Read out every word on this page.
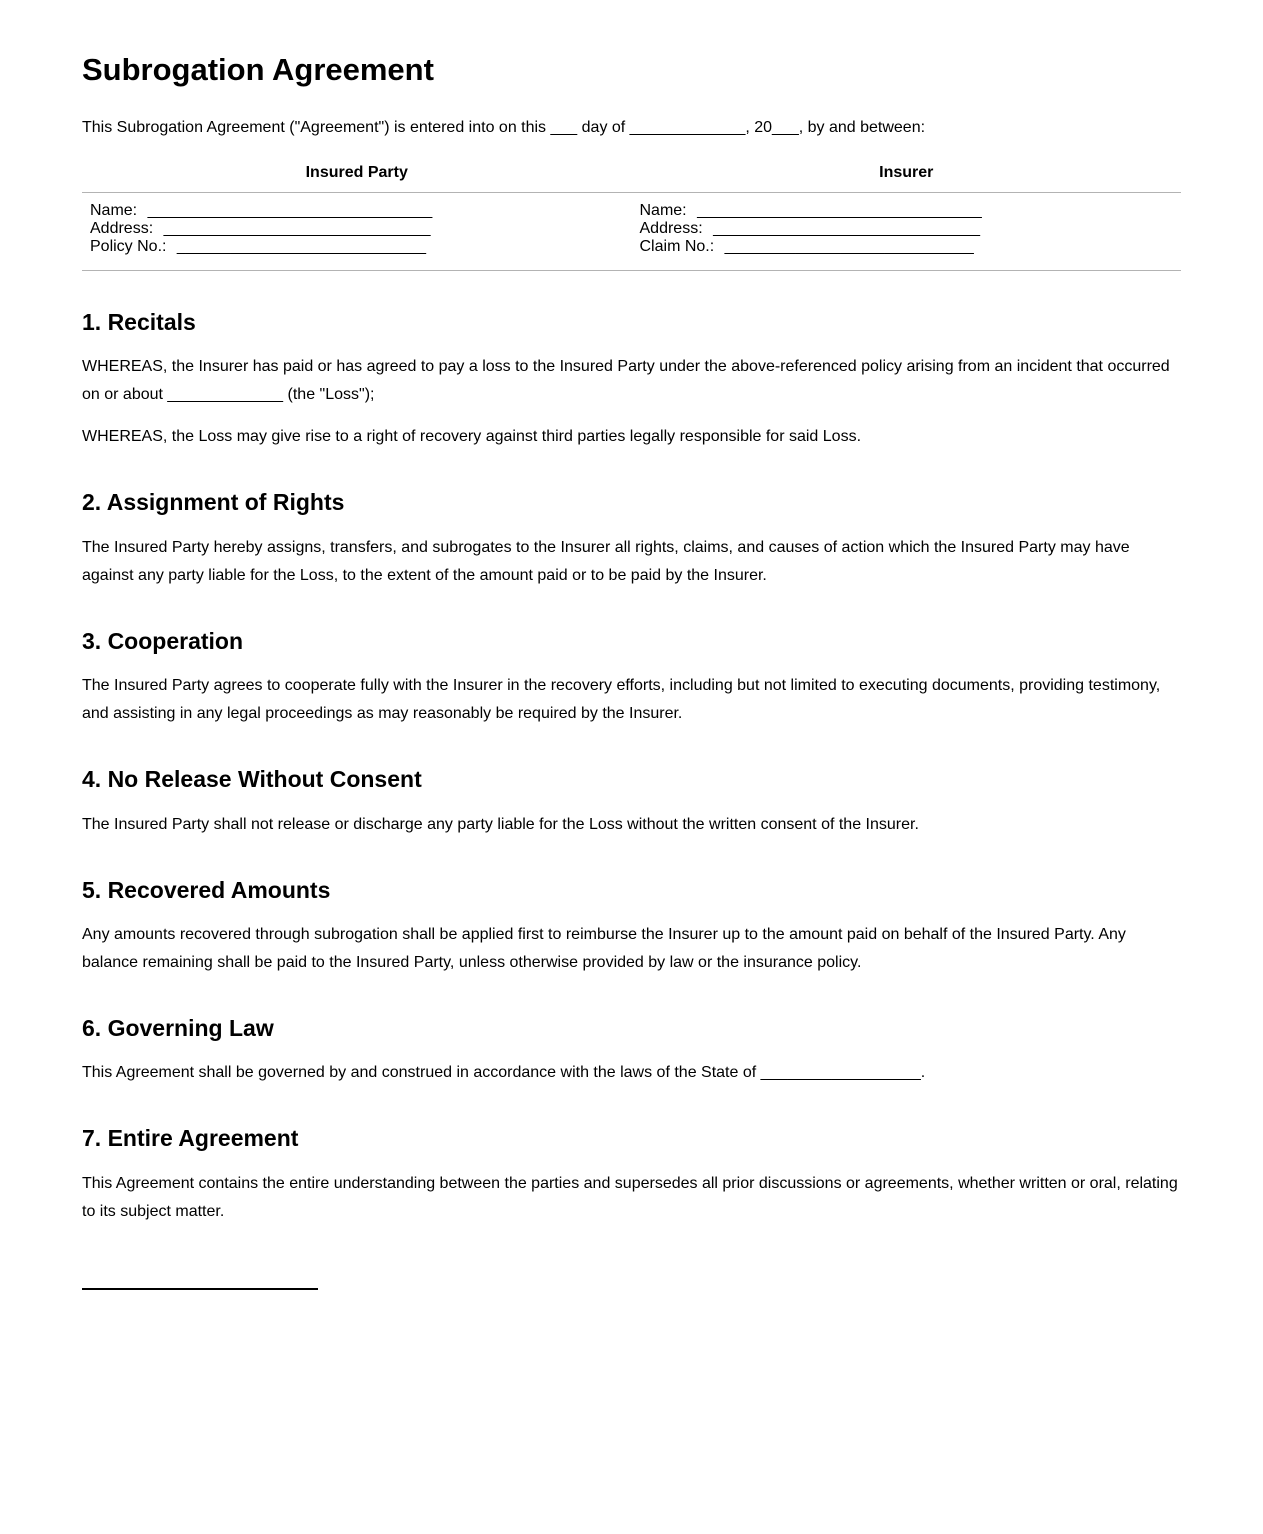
Subrogation Agreement

This Subrogation Agreement ("Agreement") is entered into on this ___ day of _____________, 20___, by and between:

Insured Party	Insurer
Name: ________________________________
Address: ______________________________
Policy No.: ____________________________
Name: ________________________________
Address: ______________________________
Claim No.: ____________________________
1. Recitals

WHEREAS, the Insurer has paid or has agreed to pay a loss to the Insured Party under the above-referenced policy arising from an incident that occurred on or about _____________ (the "Loss");

WHEREAS, the Loss may give rise to a right of recovery against third parties legally responsible for said Loss.

2. Assignment of Rights

The Insured Party hereby assigns, transfers, and subrogates to the Insurer all rights, claims, and causes of action which the Insured Party may have against any party liable for the Loss, to the extent of the amount paid or to be paid by the Insurer.

3. Cooperation

The Insured Party agrees to cooperate fully with the Insurer in the recovery efforts, including but not limited to executing documents, providing testimony, and assisting in any legal proceedings as may reasonably be required by the Insurer.

4. No Release Without Consent

The Insured Party shall not release or discharge any party liable for the Loss without the written consent of the Insurer.

5. Recovered Amounts

Any amounts recovered through subrogation shall be applied first to reimburse the Insurer up to the amount paid on behalf of the Insured Party. Any balance remaining shall be paid to the Insured Party, unless otherwise provided by law or the insurance policy.

6. Governing Law

This Agreement shall be governed by and construed in accordance with the laws of the State of __________________.

7. Entire Agreement

This Agreement contains the entire understanding between the parties and supersedes all prior discussions or agreements, whether written or oral, relating to its subject matter.
